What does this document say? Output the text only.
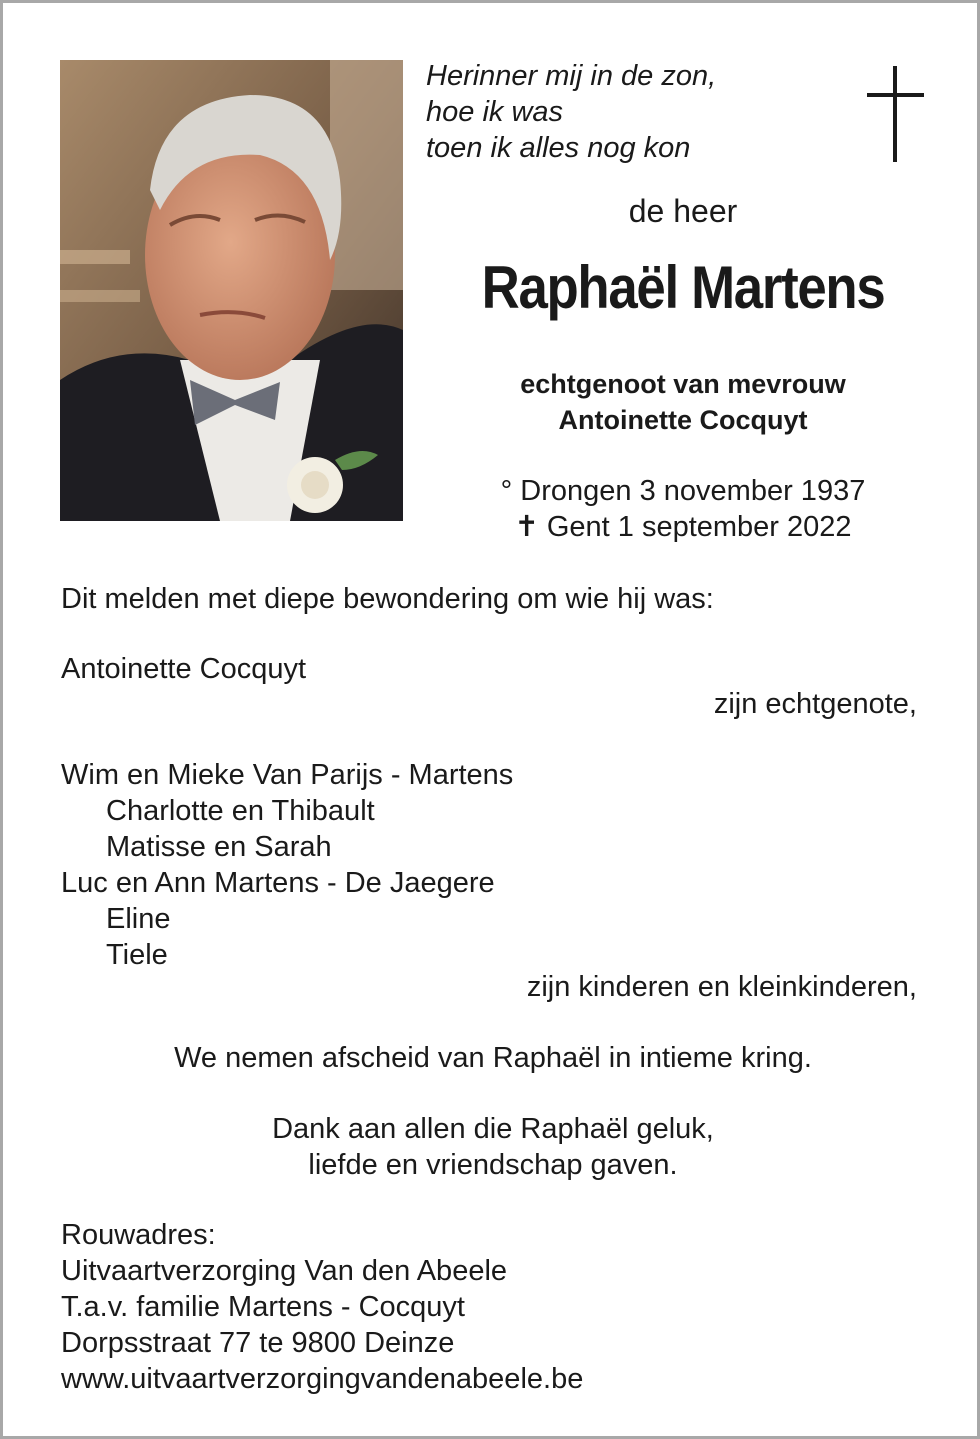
Herinner mij in de zon,
hoe ik was
toen ik alles nog kon

de heer

Raphaël Martens

echtgenoot van mevrouw
Antoinette Cocquyt
° Drongen 3 november 1937
✝ Gent 1 september 2022

Dit melden met diepe bewondering om wie hij was:

Antoinette Cocquyt

zijn echtgenote,

Wim en Mieke Van Parijs - Martens
Charlotte en Thibault
Matisse en Sarah
Luc en Ann Martens - De Jaegere
Eline
Tiele

zijn kinderen en kleinkinderen,

We nemen afscheid van Raphaël in intieme kring.

Dank aan allen die Raphaël geluk,
liefde en vriendschap gaven.
Rouwadres:
Uitvaartverzorging Van den Abeele
T.a.v. familie Martens - Cocquyt
Dorpsstraat 77 te 9800 Deinze
www.uitvaartverzorgingvandenabeele.be
